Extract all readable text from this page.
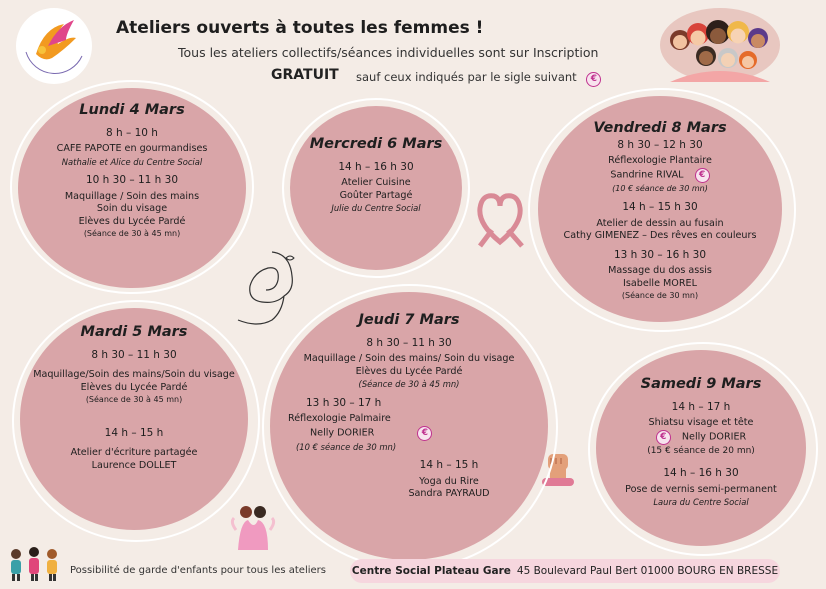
Ateliers ouverts à toutes les femmes !
Tous les ateliers collectifs/séances individuelles sont sur Inscription
GRATUIT sauf ceux indiqués par le sigle suivant €
Lundi 4 Mars
8 h – 10 h
CAFE PAPOTE en gourmandises
Nathalie et Alice du Centre Social
10 h 30 – 11 h 30
Maquillage / Soin des mains
Soin du visage
Elèves du Lycée Pardé
(Séance de 30 à 45 mn)
Mercredi 6 Mars
14 h – 16 h 30
Atelier Cuisine
Goûter Partagé
Julie du Centre Social
Vendredi 8 Mars
8 h 30 – 12 h 30
Réflexologie Plantaire
Sandrine RIVAL €
(10 € séance de 30 mn)
14 h – 15 h 30
Atelier de dessin au fusain
Cathy GIMENEZ – Des rêves en couleurs
13 h 30 – 16 h 30
Massage du dos assis
Isabelle MOREL
(Séance de 30 mn)
Mardi 5 Mars
8 h 30 – 11 h 30
Maquillage/Soin des mains/Soin du visage
Elèves du Lycée Pardé
(Séance de 30 à 45 mn)
14 h – 15 h
Atelier d'écriture partagée
Laurence DOLLET
Jeudi 7 Mars
8 h 30 – 11 h 30
Maquillage / Soin des mains/ Soin du visage
Elèves du Lycée Pardé
(Séance de 30 à 45 mn)
13 h 30 – 17 h
Réflexologie Palmaire
Nelly DORIER	€
(10 € séance de 30 mn)
14 h – 15 h
Yoga du Rire
Sandra PAYRAUD
Samedi 9 Mars
14 h – 17 h
Shiatsu visage et tête
€ Nelly DORIER
(15 € séance de 20 mn)
14 h – 16 h 30
Pose de vernis semi-permanent
Laura du Centre Social
Possibilité de garde d'enfants pour tous les ateliers Centre Social Plateau Gare 45 Boulevard Paul Bert 01000 BOURG EN BRESSE
